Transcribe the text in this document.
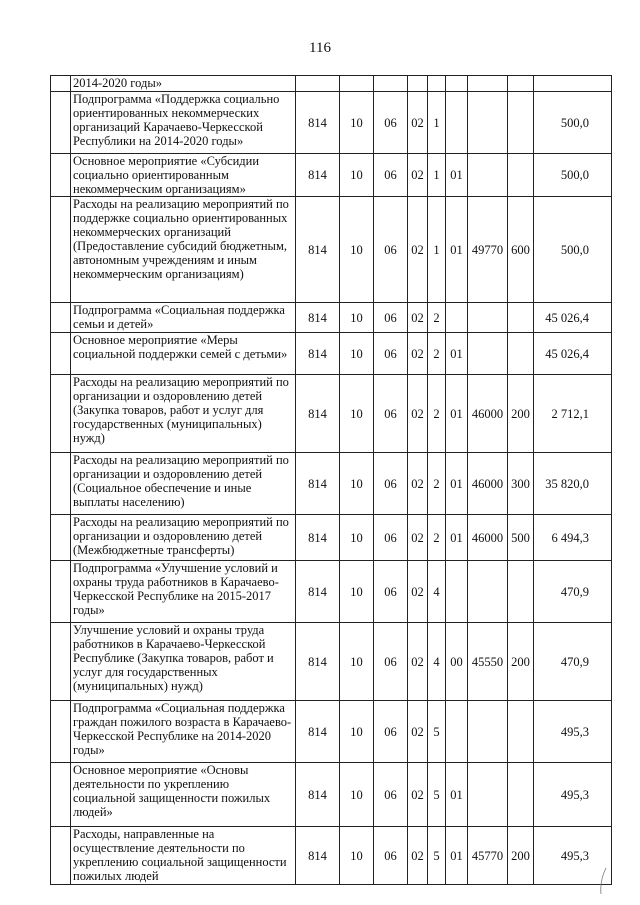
116
	2014-2020 годы»									
	Подпрограмма «Поддержка социально ориентированных некоммерческих организаций Карачаево-Черкесской Республики на 2014-2020 годы»	814	10	06	02	1				500,0
	Основное мероприятие «Субсидии социально ориентированным некоммерческим организациям»	814	10	06	02	1	01			500,0
	Расходы на реализацию мероприятий по поддержке социально ориентированных некоммерческих организаций (Предоставление субсидий бюджетным, автономным учреждениям и иным некоммерческим организациям)	814	10	06	02	1	01	49770	600	500,0
	Подпрограмма «Социальная поддержка семьи и детей»	814	10	06	02	2				45 026,4
	Основное мероприятие «Меры социальной поддержки семей с детьми»	814	10	06	02	2	01			45 026,4
	Расходы на реализацию мероприятий по организации и оздоровлению детей (Закупка товаров, работ и услуг для государственных (муниципальных) нужд)	814	10	06	02	2	01	46000	200	2 712,1
	Расходы на реализацию мероприятий по организации и оздоровлению детей (Социальное обеспечение и иные выплаты населению)	814	10	06	02	2	01	46000	300	35 820,0
	Расходы на реализацию мероприятий по организации и оздоровлению детей (Межбюджетные трансферты)	814	10	06	02	2	01	46000	500	6 494,3
	Подпрограмма «Улучшение условий и охраны труда работников в Карачаево-Черкесской Республике на 2015-2017 годы»	814	10	06	02	4				470,9
	Улучшение условий и охраны труда работников в Карачаево-Черкесской Республике (Закупка товаров, работ и услуг для государственных (муниципальных) нужд)	814	10	06	02	4	00	45550	200	470,9
	Подпрограмма «Социальная поддержка граждан пожилого возраста в Карачаево-Черкесской Республике на 2014-2020 годы»	814	10	06	02	5				495,3
	Основное мероприятие «Основы деятельности по укреплению социальной защищенности пожилых людей»	814	10	06	02	5	01			495,3
	Расходы, направленные на осуществление деятельности по укреплению социальной защищенности пожилых людей	814	10	06	02	5	01	45770	200	495,3
